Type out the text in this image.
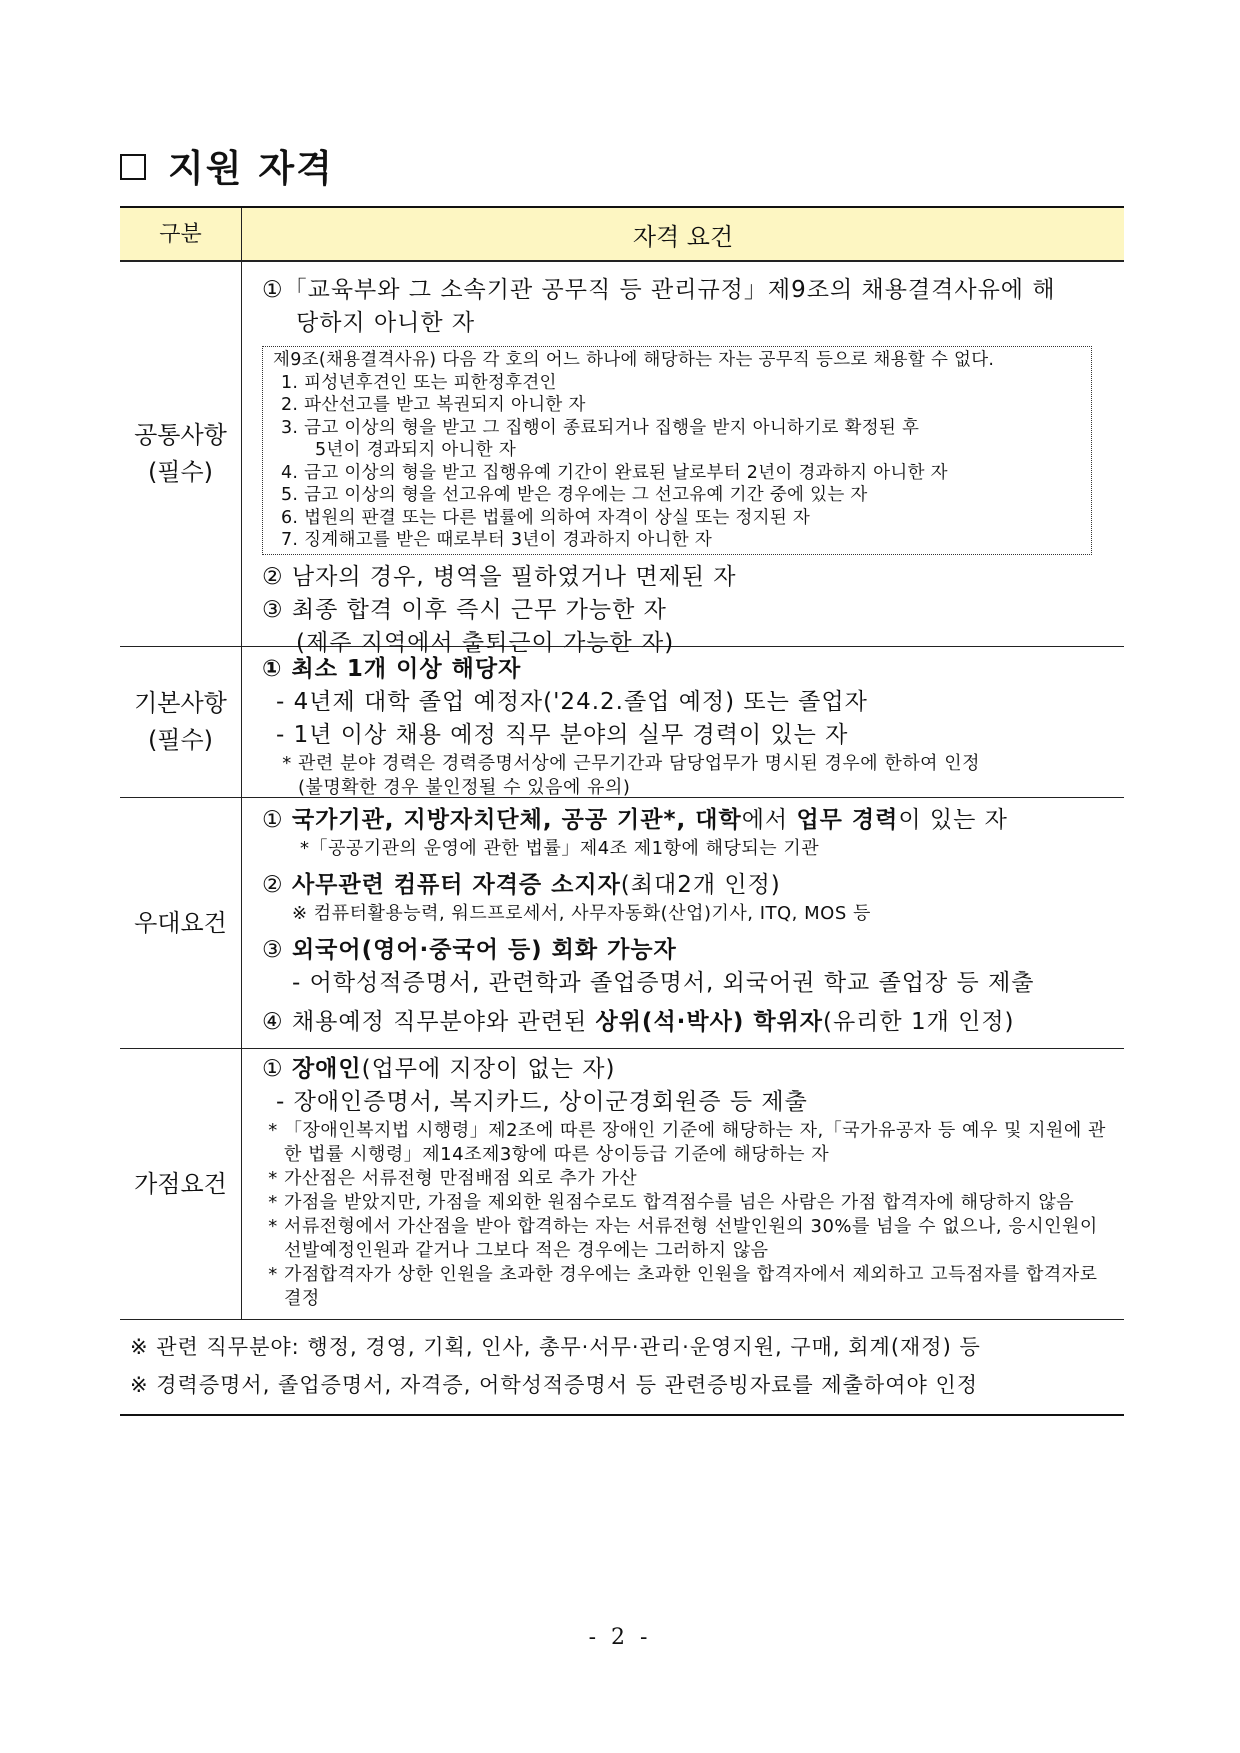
지원 자격
구분	자격 요건
공통사항
(필수)
①「교육부와 그 소속기관 공무직 등 관리규정」제9조의 채용결격사유에 해
당하지 아니한 자
제9조(채용결격사유) 다음 각 호의 어느 하나에 해당하는 자는 공무직 등으로 채용할 수 없다.
1. 피성년후견인 또는 피한정후견인
2. 파산선고를 받고 복권되지 아니한 자
3. 금고 이상의 형을 받고 그 집행이 종료되거나 집행을 받지 아니하기로 확정된 후
5년이 경과되지 아니한 자
4. 금고 이상의 형을 받고 집행유예 기간이 완료된 날로부터 2년이 경과하지 아니한 자
5. 금고 이상의 형을 선고유예 받은 경우에는 그 선고유예 기간 중에 있는 자
6. 법원의 판결 또는 다른 법률에 의하여 자격이 상실 또는 정지된 자
7. 징계해고를 받은 때로부터 3년이 경과하지 아니한 자
② 남자의 경우, 병역을 필하였거나 면제된 자
③ 최종 합격 이후 즉시 근무 가능한 자
(제주 지역에서 출퇴근이 가능한 자)
기본사항
(필수)
① 최소 1개 이상 해당자
- 4년제 대학 졸업 예정자('24.2.졸업 예정) 또는 졸업자
- 1년 이상 채용 예정 직무 분야의 실무 경력이 있는 자
* 관련 분야 경력은 경력증명서상에 근무기간과 담당업무가 명시된 경우에 한하여 인정
(불명확한 경우 불인정될 수 있음에 유의)
우대요건
① 국가기관, 지방자치단체, 공공 기관*, 대학에서 업무 경력이 있는 자
*「공공기관의 운영에 관한 법률」제4조 제1항에 해당되는 기관
② 사무관련 컴퓨터 자격증 소지자(최대2개 인정)
※ 컴퓨터활용능력, 워드프로세서, 사무자동화(산업)기사, ITQ, MOS 등
③ 외국어(영어·중국어 등) 회화 가능자
- 어학성적증명서, 관련학과 졸업증명서, 외국어권 학교 졸업장 등 제출
④ 채용예정 직무분야와 관련된 상위(석·박사) 학위자(유리한 1개 인정)
가점요건
① 장애인(업무에 지장이 없는 자)
- 장애인증명서, 복지카드, 상이군경회원증 등 제출
* 「장애인복지법 시행령」제2조에 따른 장애인 기준에 해당하는 자,「국가유공자 등 예우 및 지원에 관한 법률 시행령」제14조제3항에 따른 상이등급 기준에 해당하는 자
* 가산점은 서류전형 만점배점 외로 추가 가산
* 가점을 받았지만, 가점을 제외한 원점수로도 합격점수를 넘은 사람은 가점 합격자에 해당하지 않음
* 서류전형에서 가산점을 받아 합격하는 자는 서류전형 선발인원의 30%를 넘을 수 없으나, 응시인원이 선발예정인원과 같거나 그보다 적은 경우에는 그러하지 않음
* 가점합격자가 상한 인원을 초과한 경우에는 초과한 인원을 합격자에서 제외하고 고득점자를 합격자로 결정
※ 관련 직무분야: 행정, 경영, 기획, 인사, 총무·서무·관리·운영지원, 구매, 회계(재정) 등
※ 경력증명서, 졸업증명서, 자격증, 어학성적증명서 등 관련증빙자료를 제출하여야 인정
- 2 -
